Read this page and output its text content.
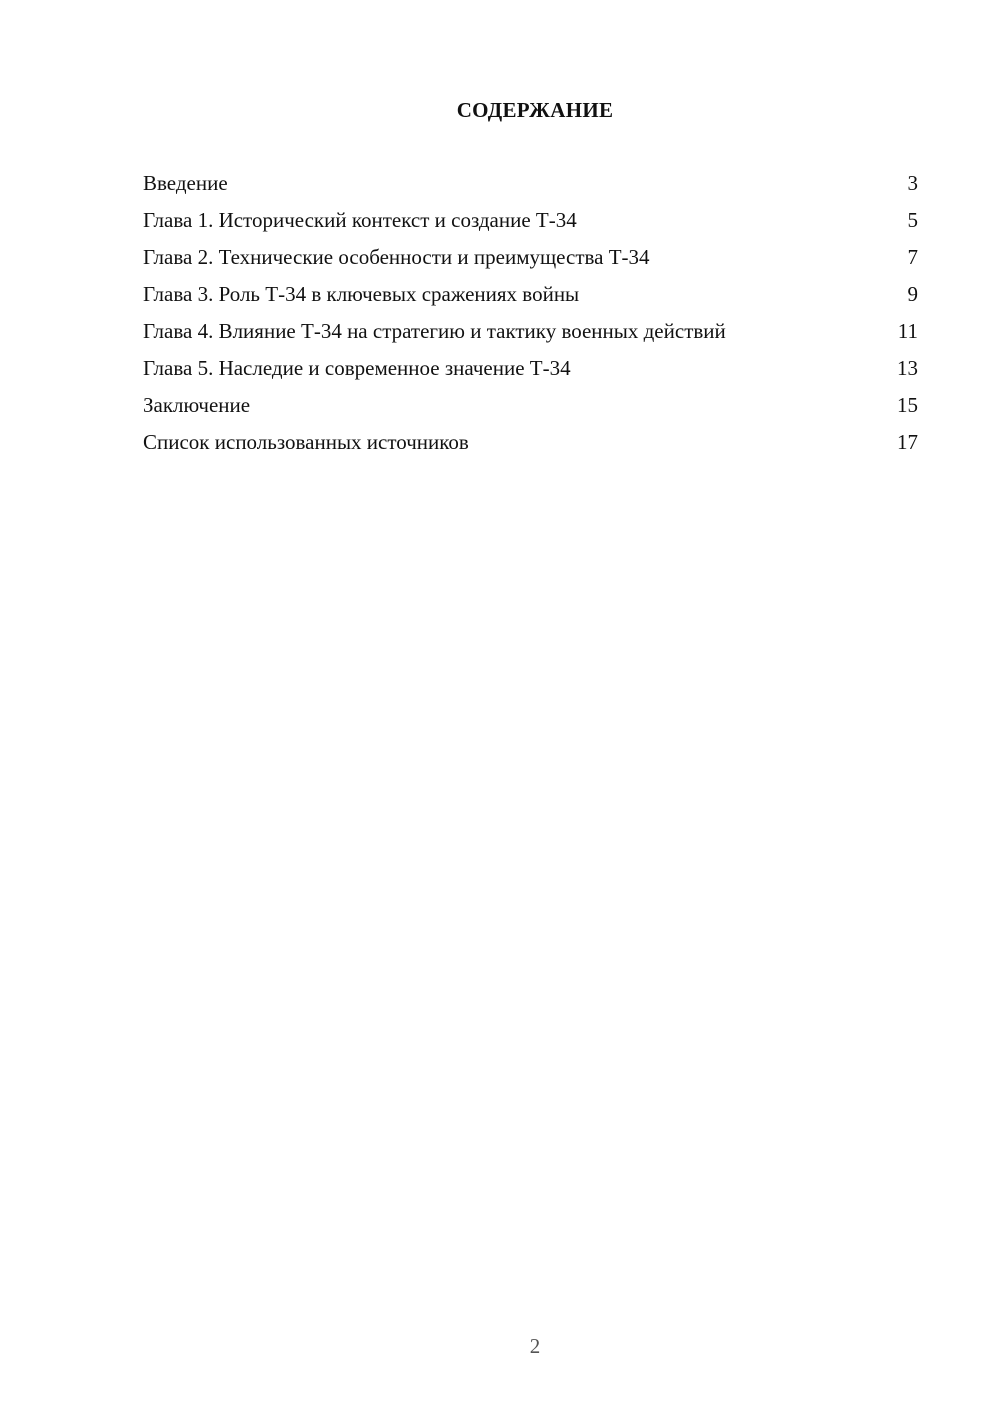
СОДЕРЖАНИЕ
Введение	3
Глава 1. Исторический контекст и создание Т-34	5
Глава 2. Технические особенности и преимущества Т-34	7
Глава 3. Роль Т-34 в ключевых сражениях войны	9
Глава 4. Влияние Т-34 на стратегию и тактику военных действий	11
Глава 5. Наследие и современное значение Т-34	13
Заключение	15
Список использованных источников	17
2
